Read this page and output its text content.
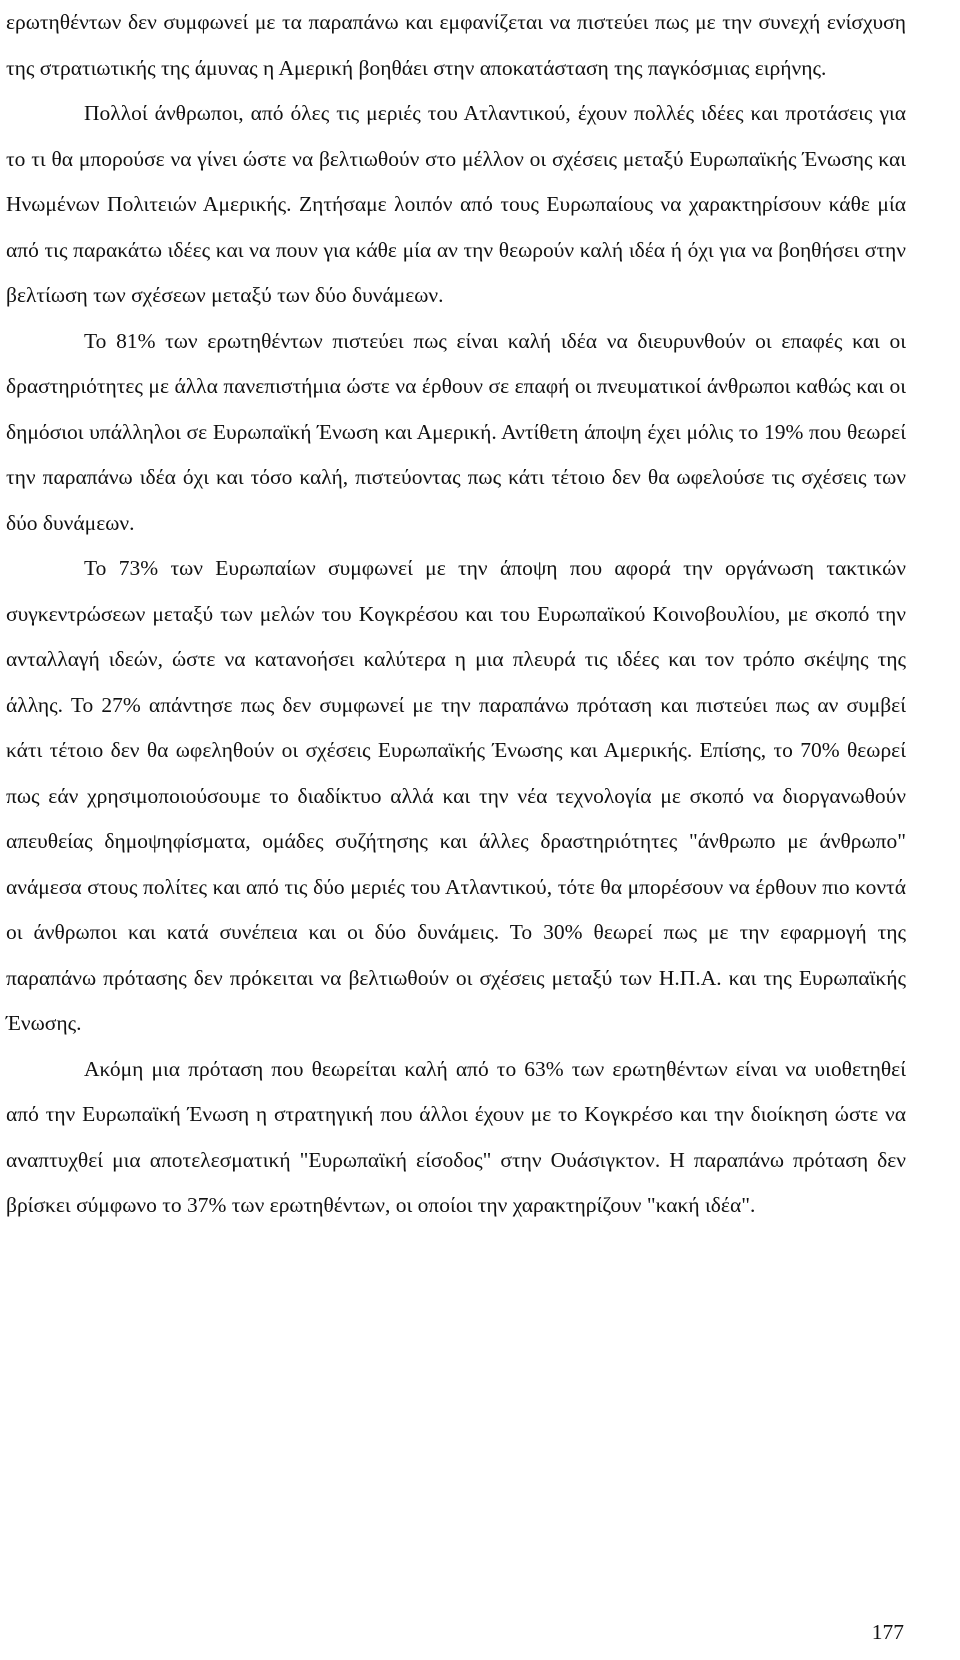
ερωτηθέντων δεν συμφωνεί με τα παραπάνω και εμφανίζεται να πιστεύει πως με την συνεχή ενίσχυση της στρατιωτικής της άμυνας η Αμερική βοηθάει στην αποκατάσταση της παγκόσμιας ειρήνης.

Πολλοί άνθρωποι, από όλες τις μεριές του Ατλαντικού, έχουν πολλές ιδέες και προτάσεις για το τι θα μπορούσε να γίνει ώστε να βελτιωθούν στο μέλλον οι σχέσεις μεταξύ Ευρωπαϊκής Ένωσης και Ηνωμένων Πολιτειών Αμερικής. Ζητήσαμε λοιπόν από τους Ευρωπαίους να χαρακτηρίσουν κάθε μία από τις παρακάτω ιδέες και να πουν για κάθε μία αν την θεωρούν καλή ιδέα ή όχι για να βοηθήσει στην βελτίωση των σχέσεων μεταξύ των δύο δυνάμεων.

Το 81% των ερωτηθέντων πιστεύει πως είναι καλή ιδέα να διευρυνθούν οι επαφές και οι δραστηριότητες με άλλα πανεπιστήμια ώστε να έρθουν σε επαφή οι πνευματικοί άνθρωποι καθώς και οι δημόσιοι υπάλληλοι σε Ευρωπαϊκή Ένωση και Αμερική. Αντίθετη άποψη έχει μόλις το 19% που θεωρεί την παραπάνω ιδέα όχι και τόσο καλή, πιστεύοντας πως κάτι τέτοιο δεν θα ωφελούσε τις σχέσεις των δύο δυνάμεων.

Το 73% των Ευρωπαίων συμφωνεί με την άποψη που αφορά την οργάνωση τακτικών συγκεντρώσεων μεταξύ των μελών του Κογκρέσου και του Ευρωπαϊκού Κοινοβουλίου, με σκοπό την ανταλλαγή ιδεών, ώστε να κατανοήσει καλύτερα η μια πλευρά τις ιδέες και τον τρόπο σκέψης της άλλης. Το 27% απάντησε πως δεν συμφωνεί με την παραπάνω πρόταση και πιστεύει πως αν συμβεί κάτι τέτοιο δεν θα ωφεληθούν οι σχέσεις Ευρωπαϊκής Ένωσης και Αμερικής. Επίσης, το 70% θεωρεί πως εάν χρησιμοποιούσουμε το διαδίκτυο αλλά και την νέα τεχνολογία με σκοπό να διοργανωθούν απευθείας δημοψηφίσματα, ομάδες συζήτησης και άλλες δραστηριότητες "άνθρωπο με άνθρωπο" ανάμεσα στους πολίτες και από τις δύο μεριές του Ατλαντικού, τότε θα μπορέσουν να έρθουν πιο κοντά οι άνθρωποι και κατά συνέπεια και οι δύο δυνάμεις. Το 30% θεωρεί πως με την εφαρμογή της παραπάνω πρότασης δεν πρόκειται να βελτιωθούν οι σχέσεις μεταξύ των Η.Π.Α. και της Ευρωπαϊκής Ένωσης.

Ακόμη μια πρόταση που θεωρείται καλή από το 63% των ερωτηθέντων είναι να υιοθετηθεί από την Ευρωπαϊκή Ένωση η στρατηγική που άλλοι έχουν με το Κογκρέσο και την διοίκηση ώστε να αναπτυχθεί μια αποτελεσματική "Ευρωπαϊκή είσοδος" στην Ουάσιγκτον. Η παραπάνω πρόταση δεν βρίσκει σύμφωνο το 37% των ερωτηθέντων, οι οποίοι την χαρακτηρίζουν "κακή ιδέα".

177
